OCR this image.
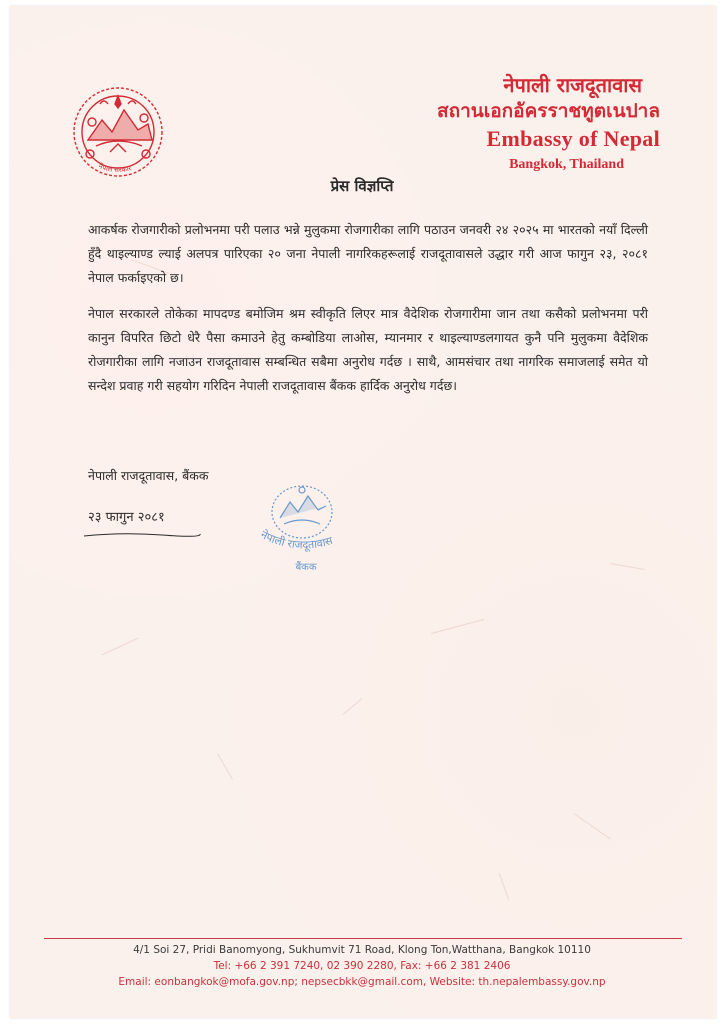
नेपाल सरकार
नेपाली राजदूतावास
สถานเอกอัครราชทูตเนปาล
Embassy of Nepal
Bangkok, Thailand
प्रेस विज्ञप्ति

आकर्षक रोजगारीको प्रलोभनमा परी पलाउ भन्ने मुलुकमा रोजगारीका लागि पठाउन जनवरी २४ २०२५ मा भारतको नयाँ दिल्ली हुँदै थाइल्याण्ड ल्याई अलपत्र पारिएका २० जना नेपाली नागरिकहरूलाई राजदूतावासले उद्धार गरी आज फागुन २३, २०८१ नेपाल फर्काइएको छ।

नेपाल सरकारले तोकेका मापदण्ड बमोजिम श्रम स्वीकृति लिएर मात्र वैदेशिक रोजगारीमा जान तथा कसैको प्रलोभनमा परी कानुन विपरित छिटो धेरै पैसा कमाउने हेतु कम्बोडिया लाओस, म्यानमार र थाइल्याण्डलगायत कुनै पनि मुलुकमा वैदेशिक रोजगारीका लागि नजाउन राजदूतावास सम्बन्धित सबैमा अनुरोध गर्दछ । साथै, आमसंचार तथा नागरिक समाजलाई समेत यो सन्देश प्रवाह गरी सहयोग गरिदिन नेपाली राजदूतावास बैंकक हार्दिक अनुरोध गर्दछ।

नेपाली राजदूतावास, बैंकक
२३ फागुन २०८१
नेपाली राजदूतावास
बैंकक
4/1 Soi 27, Pridi Banomyong, Sukhumvit 71 Road, Klong Ton,Watthana, Bangkok 10110
Tel: +66 2 391 7240, 02 390 2280, Fax: +66 2 381 2406
Email: eonbangkok@mofa.gov.np; nepsecbkk@gmail.com, Website: th.nepalembassy.gov.np
